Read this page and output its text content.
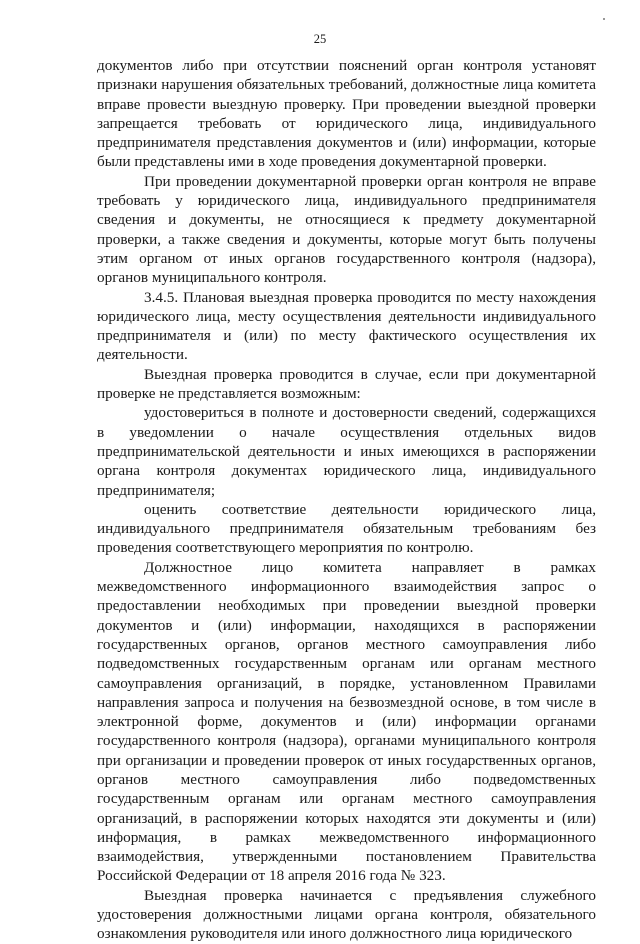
25

документов либо при отсутствии пояснений орган контроля установят признаки нарушения обязательных требований, должностные лица комитета вправе провести выездную проверку. При проведении выездной проверки запрещается требовать от юридического лица, индивидуального предпринимателя представления документов и (или) информации, которые были представлены ими в ходе проведения документарной проверки.

При проведении документарной проверки орган контроля не вправе требовать у юридического лица, индивидуального предпринимателя сведения и документы, не относящиеся к предмету документарной проверки, а также сведения и документы, которые могут быть получены этим органом от иных органов государственного контроля (надзора), органов муниципального контроля.

3.4.5. Плановая выездная проверка проводится по месту нахождения юридического лица, месту осуществления деятельности индивидуального предпринимателя и (или) по месту фактического осуществления их деятельности.

Выездная проверка проводится в случае, если при документарной проверке не представляется возможным:

удостовериться в полноте и достоверности сведений, содержащихся в уведомлении о начале осуществления отдельных видов предпринимательской деятельности и иных имеющихся в распоряжении органа контроля документах юридического лица, индивидуального предпринимателя;

оценить соответствие деятельности юридического лица, индивидуального предпринимателя обязательным требованиям без проведения соответствующего мероприятия по контролю.

Должностное лицо комитета направляет в рамках межведомственного информационного взаимодействия запрос о предоставлении необходимых при проведении выездной проверки документов и (или) информации, находящихся в распоряжении государственных органов, органов местного самоуправления либо подведомственных государственным органам или органам местного самоуправления организаций, в порядке, установленном Правилами направления запроса и получения на безвозмездной основе, в том числе в электронной форме, документов и (или) информации органами государственного контроля (надзора), органами муниципального контроля при организации и проведении проверок от иных государственных органов, органов местного самоуправления либо подведомственных государственным органам или органам местного самоуправления организаций, в распоряжении которых находятся эти документы и (или) информация, в рамках межведомственного информационного взаимодействия, утвержденными постановлением Правительства Российской Федерации от 18 апреля 2016 года № 323.

Выездная проверка начинается с предъявления служебного удостоверения должностными лицами органа контроля, обязательного ознакомления руководителя или иного должностного лица юридического
